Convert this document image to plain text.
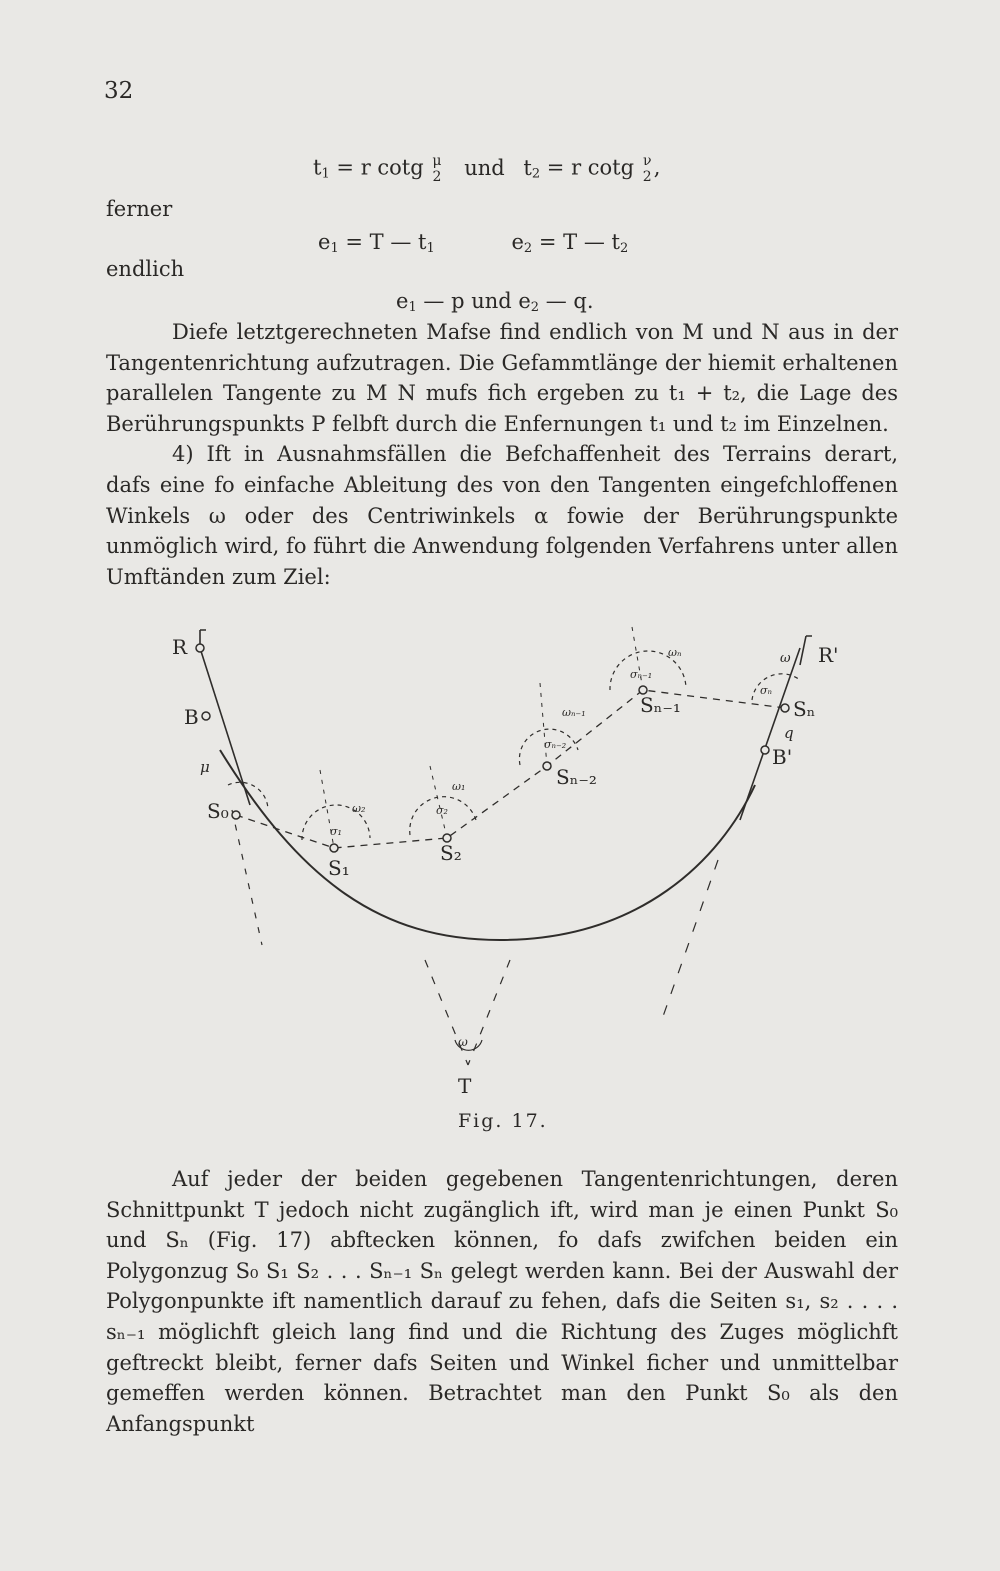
32
$t_1 = r$ cotg μ
2 und $t_2 = r$ cotg ν
2 ,
ferner
$e_1 = T$ — $t_1$	$e_2 = T$ — $t_2$
endlich
$e_1$ — p und $e_2$ — q.

Diefe letztgerechneten Mafse find endlich von M und N aus in der Tangentenrichtung aufzutragen. Die Gefammtlänge der hiemit erhaltenen parallelen Tangente zu M N mufs fich ergeben zu t₁ + t₂, die Lage des Berührungspunkts P felbft durch die Enfernungen t₁ und t₂ im Einzelnen.

4) Ift in Ausnahmsfällen die Befchaffenheit des Terrains derart, dafs eine fo einfache Ableitung des von den Tangenten eingefchloffenen Winkels ω oder des Centriwinkels α fowie der Berührungspunkte unmöglich wird, fo führt die Anwendung folgenden Verfahrens unter allen Umftänden zum Ziel:

R
B
μ
S₀
S₁
S₂
Sₙ₋₂
Sₙ₋₁	Sₙ
R'
B'
q
T
ω
ω
ω₂
σ₁
ω₁
σ₂
ωₙ₋₁
σₙ₋₂
ωₙ
σₙ₋₁
σₙ
Fig. 17.

Auf jeder der beiden gegebenen Tangentenrichtungen, deren Schnittpunkt T jedoch nicht zugänglich ift, wird man je einen Punkt S₀ und Sₙ (Fig. 17) abftecken können, fo dafs zwifchen beiden ein Polygonzug S₀ S₁ S₂ . . . Sₙ₋₁ Sₙ gelegt werden kann. Bei der Auswahl der Polygonpunkte ift namentlich darauf zu fehen, dafs die Seiten s₁, s₂ . . . . sₙ₋₁ möglichft gleich lang find und die Richtung des Zuges möglichft geftreckt bleibt, ferner dafs Seiten und Winkel ficher und unmittelbar gemeffen werden können. Betrachtet man den Punkt S₀ als den Anfangspunkt
